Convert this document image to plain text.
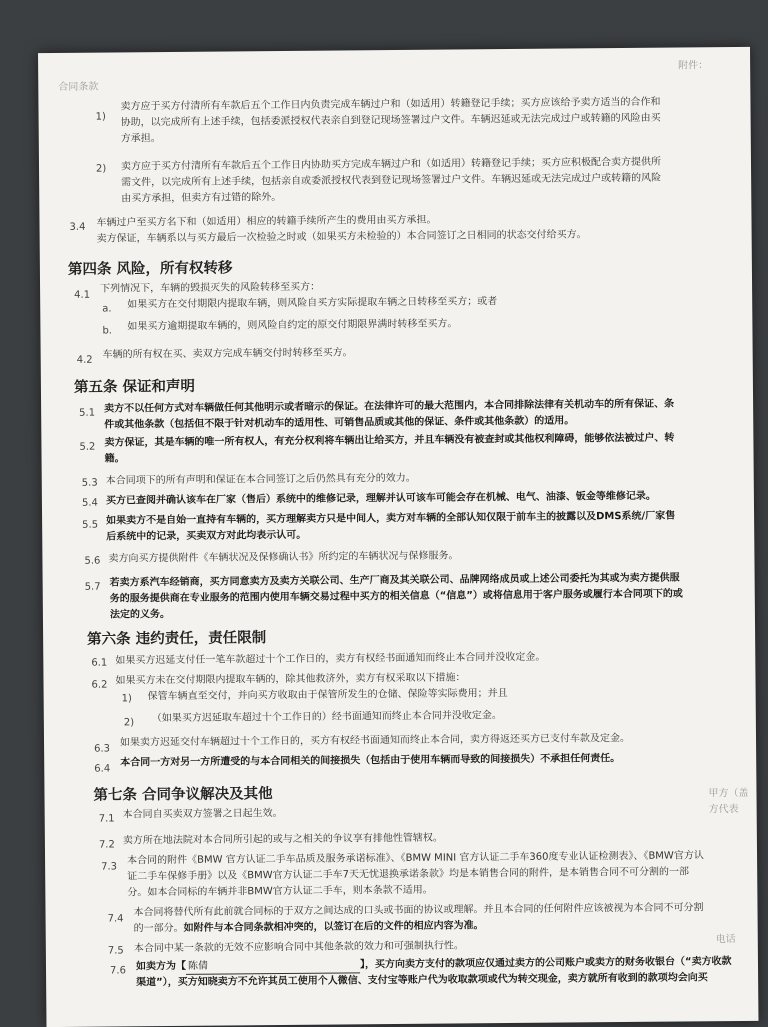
合同条款
附件：
1)
卖方应于买方付清所有车款后五个工作日内负责完成车辆过户和（如适用）转籍登记手续；买方应该给予卖方适当的合作和
协助，以完成所有上述手续，包括委派授权代表亲自到登记现场签署过户文件。车辆迟延或无法完成过户或转籍的风险由买
方承担。
2) 卖方应于买方付清所有车款后五个工作日内协助买方完成车辆过户和（如适用）转籍登记手续；买方应积极配合卖方提供所
需文件，以完成所有上述手续，包括亲自或委派授权代表到登记现场签署过户文件。车辆迟延或无法完成过户或转籍的风险
由买方承担，但卖方有过错的除外。
3.4 车辆过户至买方名下和（如适用）相应的转籍手续所产生的费用由买方承担。
卖方保证，车辆系以与买方最后一次检验之时或（如果买方未检验的）本合同签订之日相同的状态交付给买方。
第四条 风险，所有权转移
4.1
下列情况下，车辆的毁损灭失的风险转移至买方：
a. 如果买方在交付期限内提取车辆，则风险自买方实际提取车辆之日转移至买方；或者
b. 如果买方逾期提取车辆的，则风险自约定的原交付期限界满时转移至买方。
4.2 车辆的所有权在买、卖双方完成车辆交付时转移至买方。
第五条 保证和声明
5.1 卖方不以任何方式对车辆做任何其他明示或者暗示的保证。在法律许可的最大范围内，本合同排除法律有关机动车的所有保证、条
件或其他条款（包括但不限于针对机动车的适用性、可销售品质或其他的保证、条件或其他条款）的适用。
5.2 卖方保证，其是车辆的唯一所有权人，有充分权利将车辆出让给买方，并且车辆没有被查封或其他权利障碍，能够依法被过户、转
籍。
5.3 本合同项下的所有声明和保证在本合同签订之后仍然具有充分的效力。
5.4 买方已查阅并确认该车在厂家（售后）系统中的维修记录，理解并认可该车可能会存在机械、电气、油漆、钣金等维修记录。
5.5 如果卖方不是自始一直持有车辆的，买方理解卖方只是中间人，卖方对车辆的全部认知仅限于前车主的披露以及DMS系统/厂家售
后系统中的记录，买卖双方对此均表示认可。
5.6 卖方向买方提供附件《车辆状况及保修确认书》所约定的车辆状况与保修服务。
5.7 若卖方系汽车经销商，买方同意卖方及卖方关联公司、生产厂商及其关联公司、品牌网络成员或上述公司委托为其或为卖方提供服
务的服务提供商在专业服务的范围内使用车辆交易过程中买方的相关信息（“信息”）或将信息用于客户服务或履行本合同项下的或
法定的义务。
第六条 违约责任，责任限制
6.1 如果买方迟延支付任一笔车款超过十个工作日的，卖方有权经书面通知而终止本合同并没收定金。
6.2 如果买方未在交付期限内提取车辆的，除其他救济外，卖方有权采取以下措施：
1) 保管车辆直至交付，并向买方收取由于保管所发生的仓储、保险等实际费用；并且
2) （如果买方迟延取车超过十个工作日的）经书面通知而终止本合同并没收定金。
6.3
如果卖方迟延交付车辆超过十个工作日的，买方有权经书面通知而终止本合同，卖方得返还买方已支付车款及定金。
6.4
本合同一方对另一方所遭受的与本合同相关的间接损失（包括由于使用车辆而导致的间接损失）不承担任何责任。
第七条 合同争议解决及其他
7.1 本合同自买卖双方签署之日起生效。
7.2 卖方所在地法院对本合同所引起的或与之相关的争议享有排他性管辖权。
7.3
本合同的附件《BMW 官方认证二手车品质及服务承诺标准》、《BMW MINI 官方认证二手车360度专业认证检测表》、《BMW官方认
证二手车保修手册》以及《BMW官方认证二手车7天无忧退换承诺条款》均是本销售合同的附件，是本销售合同不可分割的一部
分。如本合同标的车辆并非BMW官方认证二手车，则本条款不适用。
7.4
本合同将替代所有此前就合同标的于双方之间达成的口头或书面的协议或理解。并且本合同的任何附件应该被视为本合同不可分割
的一部分。如附件与本合同条款相冲突的，以签订在后的文件的相应内容为准。
7.5 本合同中某一条款的无效不应影响合同中其他条款的效力和可强制执行性。
7.6 如卖方为【 陈倩	】，买方向卖方支付的款项应仅通过卖方的公司账户或卖方的财务收银台（“卖方收款
渠道”），买方知晓卖方不允许其员工使用个人微信、支付宝等账户代为收取款项或代为转交现金，卖方就所有收到的款项均会向买
甲方（盖
方代表
电话
